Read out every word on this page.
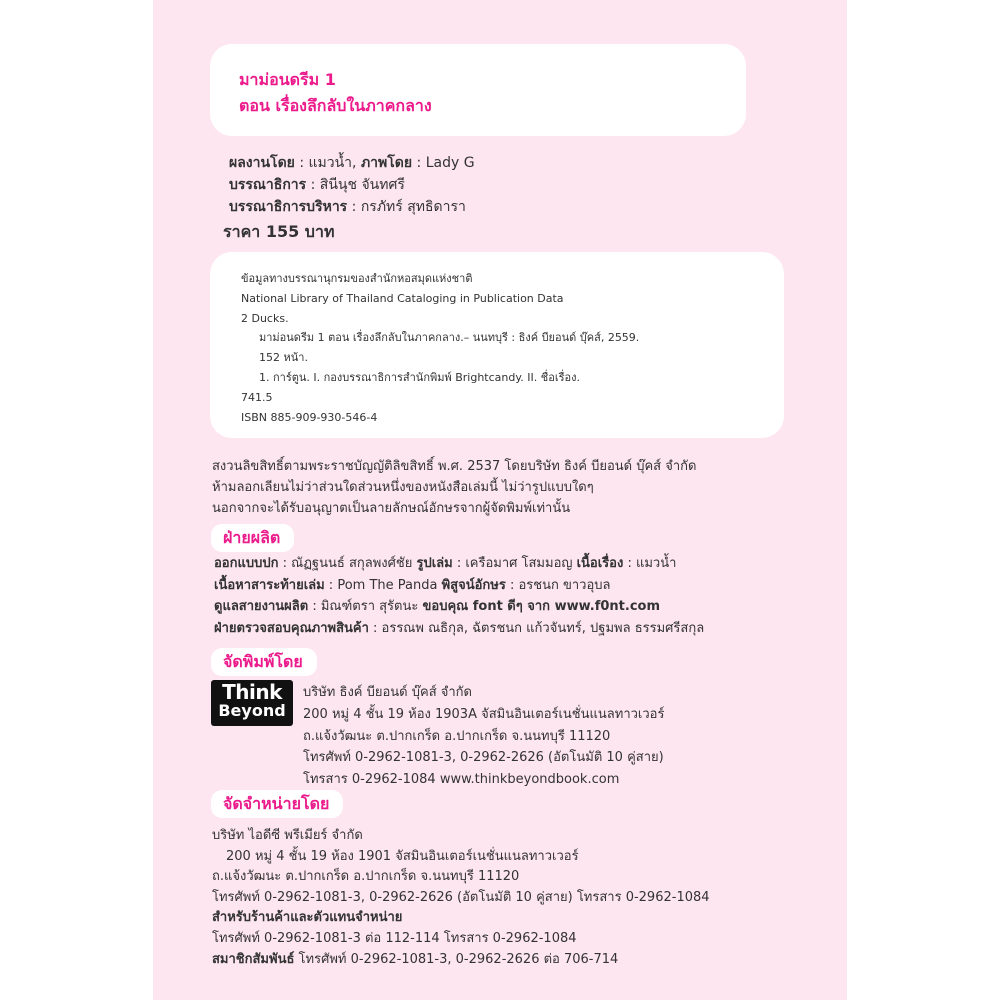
มาม่อนดรีม 1
ตอน เรื่องลึกลับในภาคกลาง
ผลงานโดย : แมวน้ำ, ภาพโดย : Lady G
บรรณาธิการ : สินีนุช จันทศรี
บรรณาธิการบริหาร : กรภัทร์ สุทธิดารา
ราคา 155 บาท
ข้อมูลทางบรรณานุกรมของสำนักหอสมุดแห่งชาติ
National Library of Thailand Cataloging in Publication Data
2 Ducks.
มาม่อนดรีม 1 ตอน เรื่องลึกลับในภาคกลาง.– นนทบุรี : ธิงค์ บียอนด์ บุ๊คส์, 2559.
152 หน้า.
1. การ์ตูน. I. กองบรรณาธิการสำนักพิมพ์ Brightcandy. II. ชื่อเรื่อง.
741.5
ISBN 885-909-930-546-4
สงวนลิขสิทธิ์ตามพระราชบัญญัติลิขสิทธิ์ พ.ศ. 2537 โดยบริษัท ธิงค์ บียอนด์ บุ๊คส์ จำกัด
ห้ามลอกเลียนไม่ว่าส่วนใดส่วนหนึ่งของหนังสือเล่มนี้ ไม่ว่ารูปแบบใดๆ
นอกจากจะได้รับอนุญาตเป็นลายลักษณ์อักษรจากผู้จัดพิมพ์เท่านั้น
ฝ่ายผลิต
ออกแบบปก : ณัฏฐนนธ์ สกุลพงศ์ชัย รูปเล่ม : เครือมาศ โสมมอญ เนื้อเรื่อง : แมวน้ำ
เนื้อหาสาระท้ายเล่ม : Pom The Panda พิสูจน์อักษร : อรชนก ขาวอุบล
ดูแลสายงานผลิต : มิณฑ์ตรา สุรัตนะ ขอบคุณ font ดีๆ จาก www.f0nt.com
ฝ่ายตรวจสอบคุณภาพสินค้า : อรรณพ ณธิกุล, ฉัตรชนก แก้วจันทร์, ปฐมพล ธรรมศรีสกุล
จัดพิมพ์โดย
Think
Beyond
บริษัท ธิงค์ บียอนด์ บุ๊คส์ จำกัด
200 หมู่ 4 ชั้น 19 ห้อง 1903A จัสมินอินเตอร์เนชั่นแนลทาวเวอร์
ถ.แจ้งวัฒนะ ต.ปากเกร็ด อ.ปากเกร็ด จ.นนทบุรี 11120
โทรศัพท์ 0-2962-1081-3, 0-2962-2626 (อัตโนมัติ 10 คู่สาย)
โทรสาร 0-2962-1084 www.thinkbeyondbook.com
จัดจำหน่ายโดย
บริษัท ไอดีซี พรีเมียร์ จำกัด
200 หมู่ 4 ชั้น 19 ห้อง 1901 จัสมินอินเตอร์เนชั่นแนลทาวเวอร์
ถ.แจ้งวัฒนะ ต.ปากเกร็ด อ.ปากเกร็ด จ.นนทบุรี 11120
โทรศัพท์ 0-2962-1081-3, 0-2962-2626 (อัตโนมัติ 10 คู่สาย) โทรสาร 0-2962-1084
สำหรับร้านค้าและตัวแทนจำหน่าย
โทรศัพท์ 0-2962-1081-3 ต่อ 112-114 โทรสาร 0-2962-1084
สมาชิกสัมพันธ์ โทรศัพท์ 0-2962-1081-3, 0-2962-2626 ต่อ 706-714
